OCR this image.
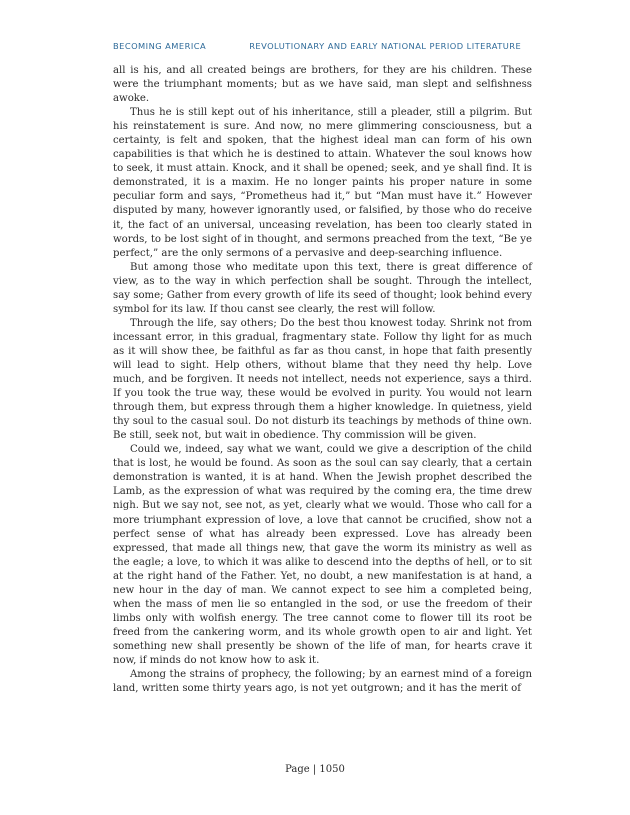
BECOMING AMERICA	REVOLUTIONARY AND EARLY NATIONAL PERIOD LITERATURE

all is his, and all created beings are brothers, for they are his children. These were the triumphant moments; but as we have said, man slept and selfishness awoke.

Thus he is still kept out of his inheritance, still a pleader, still a pilgrim. But his reinstatement is sure. And now, no mere glimmering consciousness, but a certainty, is felt and spoken, that the highest ideal man can form of his own capabilities is that which he is destined to attain. Whatever the soul knows how to seek, it must attain. Knock, and it shall be opened; seek, and ye shall find. It is demonstrated, it is a maxim. He no longer paints his proper nature in some peculiar form and says, “Prometheus had it,” but “Man must have it.” However disputed by many, however ignorantly used, or falsified, by those who do receive it, the fact of an universal, unceasing revelation, has been too clearly stated in words, to be lost sight of in thought, and sermons preached from the text, “Be ye perfect,” are the only sermons of a pervasive and deep-searching influence.

But among those who meditate upon this text, there is great difference of view, as to the way in which perfection shall be sought. Through the intellect, say some; Gather from every growth of life its seed of thought; look behind every symbol for its law. If thou canst see clearly, the rest will follow.

Through the life, say others; Do the best thou knowest today. Shrink not from incessant error, in this gradual, fragmentary state. Follow thy light for as much as it will show thee, be faithful as far as thou canst, in hope that faith presently will lead to sight. Help others, without blame that they need thy help. Love much, and be forgiven. It needs not intellect, needs not experience, says a third. If you took the true way, these would be evolved in purity. You would not learn through them, but express through them a higher knowledge. In quietness, yield thy soul to the casual soul. Do not disturb its teachings by methods of thine own. Be still, seek not, but wait in obedience. Thy commission will be given.

Could we, indeed, say what we want, could we give a description of the child that is lost, he would be found. As soon as the soul can say clearly, that a certain demonstration is wanted, it is at hand. When the Jewish prophet described the Lamb, as the expression of what was required by the coming era, the time drew nigh. But we say not, see not, as yet, clearly what we would. Those who call for a more triumphant expression of love, a love that cannot be crucified, show not a perfect sense of what has already been expressed. Love has already been expressed, that made all things new, that gave the worm its ministry as well as the eagle; a love, to which it was alike to descend into the depths of hell, or to sit at the right hand of the Father. Yet, no doubt, a new manifestation is at hand, a new hour in the day of man. We cannot expect to see him a completed being, when the mass of men lie so entangled in the sod, or use the freedom of their limbs only with wolfish energy. The tree cannot come to flower till its root be freed from the cankering worm, and its whole growth open to air and light. Yet something new shall presently be shown of the life of man, for hearts crave it now, if minds do not know how to ask it.

Among the strains of prophecy, the following; by an earnest mind of a foreign land, written some thirty years ago, is not yet outgrown; and it has the merit of

Page | 1050
